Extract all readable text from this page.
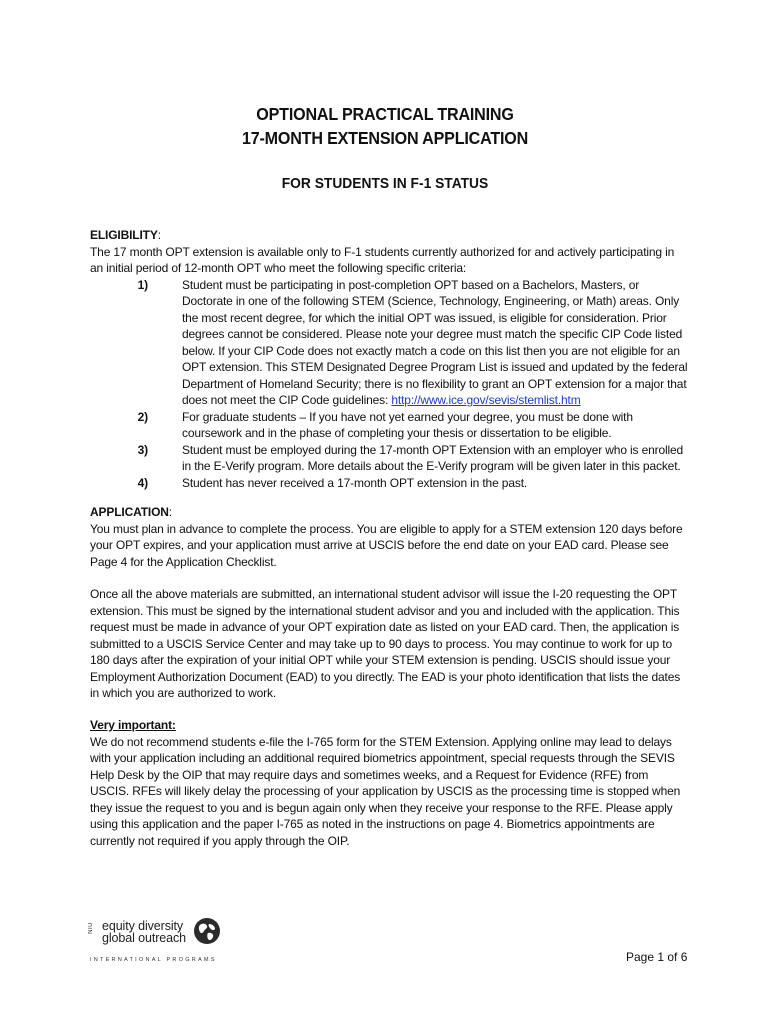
OPTIONAL PRACTICAL TRAINING
17-MONTH EXTENSION APPLICATION
FOR STUDENTS IN F-1 STATUS

ELIGIBILITY:

The 17 month OPT extension is available only to F-1 students currently authorized for and actively participating in an initial period of 12-month OPT who meet the following specific criteria:

1)	Student must be participating in post-completion OPT based on a Bachelors, Masters, or Doctorate in one of the following STEM (Science, Technology, Engineering, or Math) areas. Only the most recent degree, for which the initial OPT was issued, is eligible for consideration. Prior degrees cannot be considered. Please note your degree must match the specific CIP Code listed below. If your CIP Code does not exactly match a code on this list then you are not eligible for an OPT extension. This STEM Designated Degree Program List is issued and updated by the federal Department of Homeland Security; there is no flexibility to grant an OPT extension for a major that does not meet the CIP Code guidelines: http://www.ice.gov/sevis/stemlist.htm
2)	For graduate students – If you have not yet earned your degree, you must be done with coursework and in the phase of completing your thesis or dissertation to be eligible.
3)	Student must be employed during the 17-month OPT Extension with an employer who is enrolled in the E-Verify program. More details about the E-Verify program will be given later in this packet.
4)	Student has never received a 17-month OPT extension in the past.
APPLICATION:

You must plan in advance to complete the process. You are eligible to apply for a STEM extension 120 days before your OPT expires, and your application must arrive at USCIS before the end date on your EAD card. Please see Page 4 for the Application Checklist.

Once all the above materials are submitted, an international student advisor will issue the I-20 requesting the OPT extension. This must be signed by the international student advisor and you and included with the application. This request must be made in advance of your OPT expiration date as listed on your EAD card. Then, the application is submitted to a USCIS Service Center and may take up to 90 days to process. You may continue to work for up to 180 days after the expiration of your initial OPT while your STEM extension is pending. USCIS should issue your Employment Authorization Document (EAD) to you directly. The EAD is your photo identification that lists the dates in which you are authorized to work.

Very important:
We do not recommend students e-file the I-765 form for the STEM Extension. Applying online may lead to delays with your application including an additional required biometrics appointment, special requests through the SEVIS Help Desk by the OIP that may require days and sometimes weeks, and a Request for Evidence (RFE) from USCIS. RFEs will likely delay the processing of your application by USCIS as the processing time is stopped when they issue the request to you and is begun again only when they receive your response to the RFE. Please apply using this application and the paper I-765 as noted in the instructions on page 4. Biometrics appointments are currently not required if you apply through the OIP.
NIU equity diversity
global outreach
INTERNATIONAL PROGRAMS	Page 1 of 6
